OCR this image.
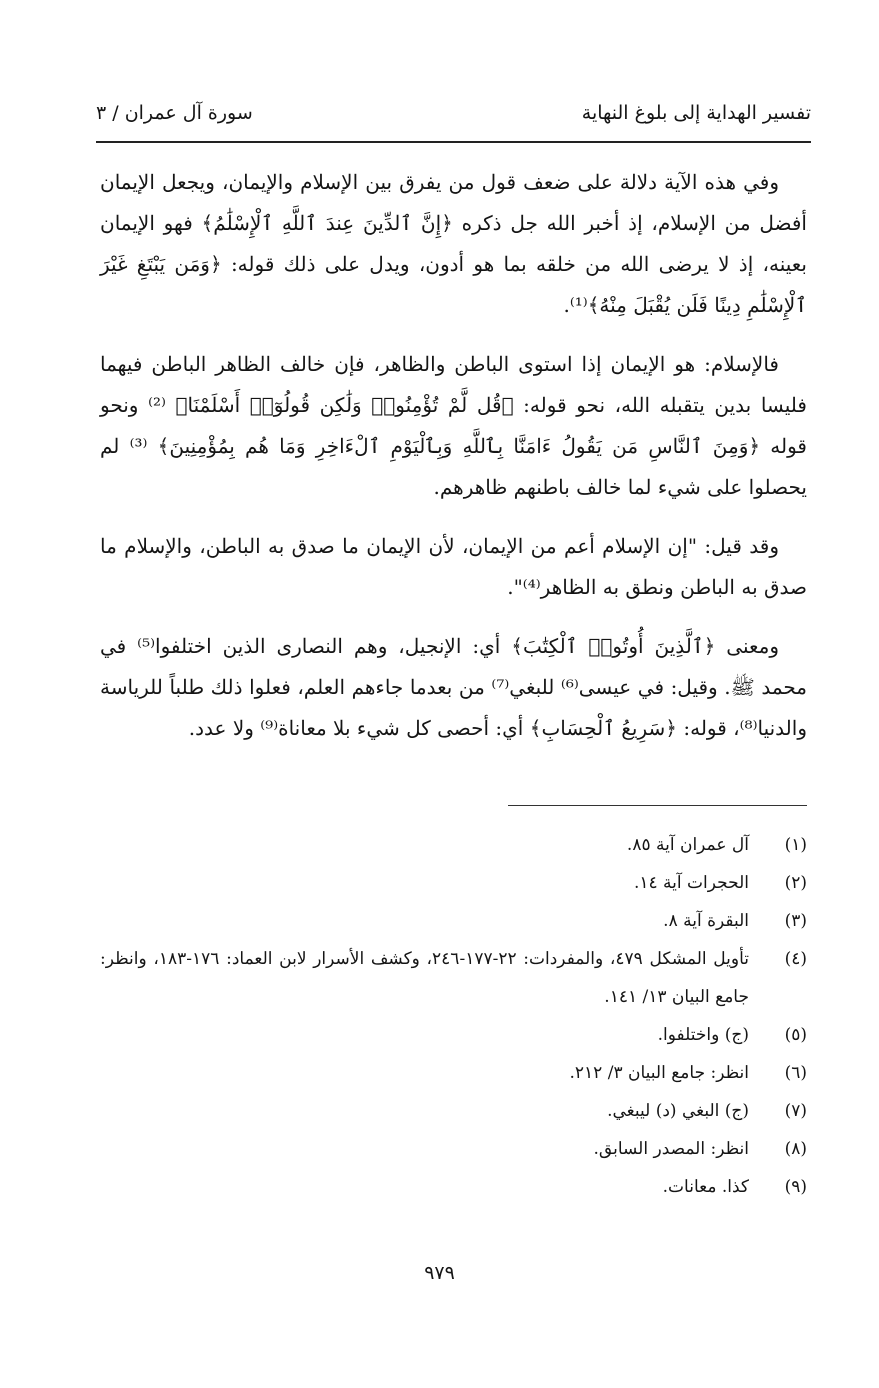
تفسير الهداية إلى بلوغ النهاية
سورة آل عمران / ٣

وفي هذه الآية دلالة على ضعف قول من يفرق بين الإسلام والإيمان، ويجعل الإيمان أفضل من الإسلام، إذ أخبر الله جل ذكره ﴿إِنَّ ٱلدِّينَ عِندَ ٱللَّهِ ٱلْإِسْلَٰمُ﴾ فهو الإيمان بعينه، إذ لا يرضى الله من خلقه بما هو أدون، ويدل على ذلك قوله: ﴿وَمَن يَبْتَغِ غَيْرَ ٱلْإِسْلَٰمِ دِينًا فَلَن يُقْبَلَ مِنْهُ﴾⁽¹⁾.

فالإسلام: هو الإيمان إذا استوى الباطن والظاهر، فإن خالف الظاهر الباطن فيهما فليسا بدين يتقبله الله، نحو قوله: ﴿قُل لَّمْ تُؤْمِنُوا۟ وَلَٰكِن قُولُوٓا۟ أَسْلَمْنَا﴾ ⁽²⁾ ونحو قوله ﴿وَمِنَ ٱلنَّاسِ مَن يَقُولُ ءَامَنَّا بِٱللَّهِ وَبِٱلْيَوْمِ ٱلْءَاخِرِ وَمَا هُم بِمُؤْمِنِينَ﴾ ⁽³⁾ لم يحصلوا على شيء لما خالف باطنهم ظاهرهم.

وقد قيل: "إن الإسلام أعم من الإيمان، لأن الإيمان ما صدق به الباطن، والإسلام ما صدق به الباطن ونطق به الظاهر⁽⁴⁾".

ومعنى ﴿ٱلَّذِينَ أُوتُوا۟ ٱلْكِتَٰبَ﴾ أي: الإنجيل، وهم النصارى الذين اختلفوا⁽⁵⁾ في محمد ﷺ. وقيل: في عيسى⁽⁶⁾ للبغي⁽⁷⁾ من بعدما جاءهم العلم، فعلوا ذلك طلباً للرياسة والدنيا⁽⁸⁾، قوله: ﴿سَرِيعُ ٱلْحِسَابِ﴾ أي: أحصى كل شيء بلا معاناة⁽⁹⁾ ولا عدد.

(١)
آل عمران آية ٨٥.
(٢)
الحجرات آية ١٤.
(٣)
البقرة آية ٨.
(٤)
تأويل المشكل ٤٧٩، والمفردات: ٢٢-١٧٧-٢٤٦، وكشف الأسرار لابن العماد: ١٧٦-١٨٣، وانظر: جامع البيان ١٣/ ١٤١.
(٥)
(ج) واختلفوا.
(٦)
انظر: جامع البيان ٣/ ٢١٢.
(٧)
(ج) البغي (د) ليبغي.
(٨)
انظر: المصدر السابق.
(٩)
كذا. معانات.
٩٧٩
